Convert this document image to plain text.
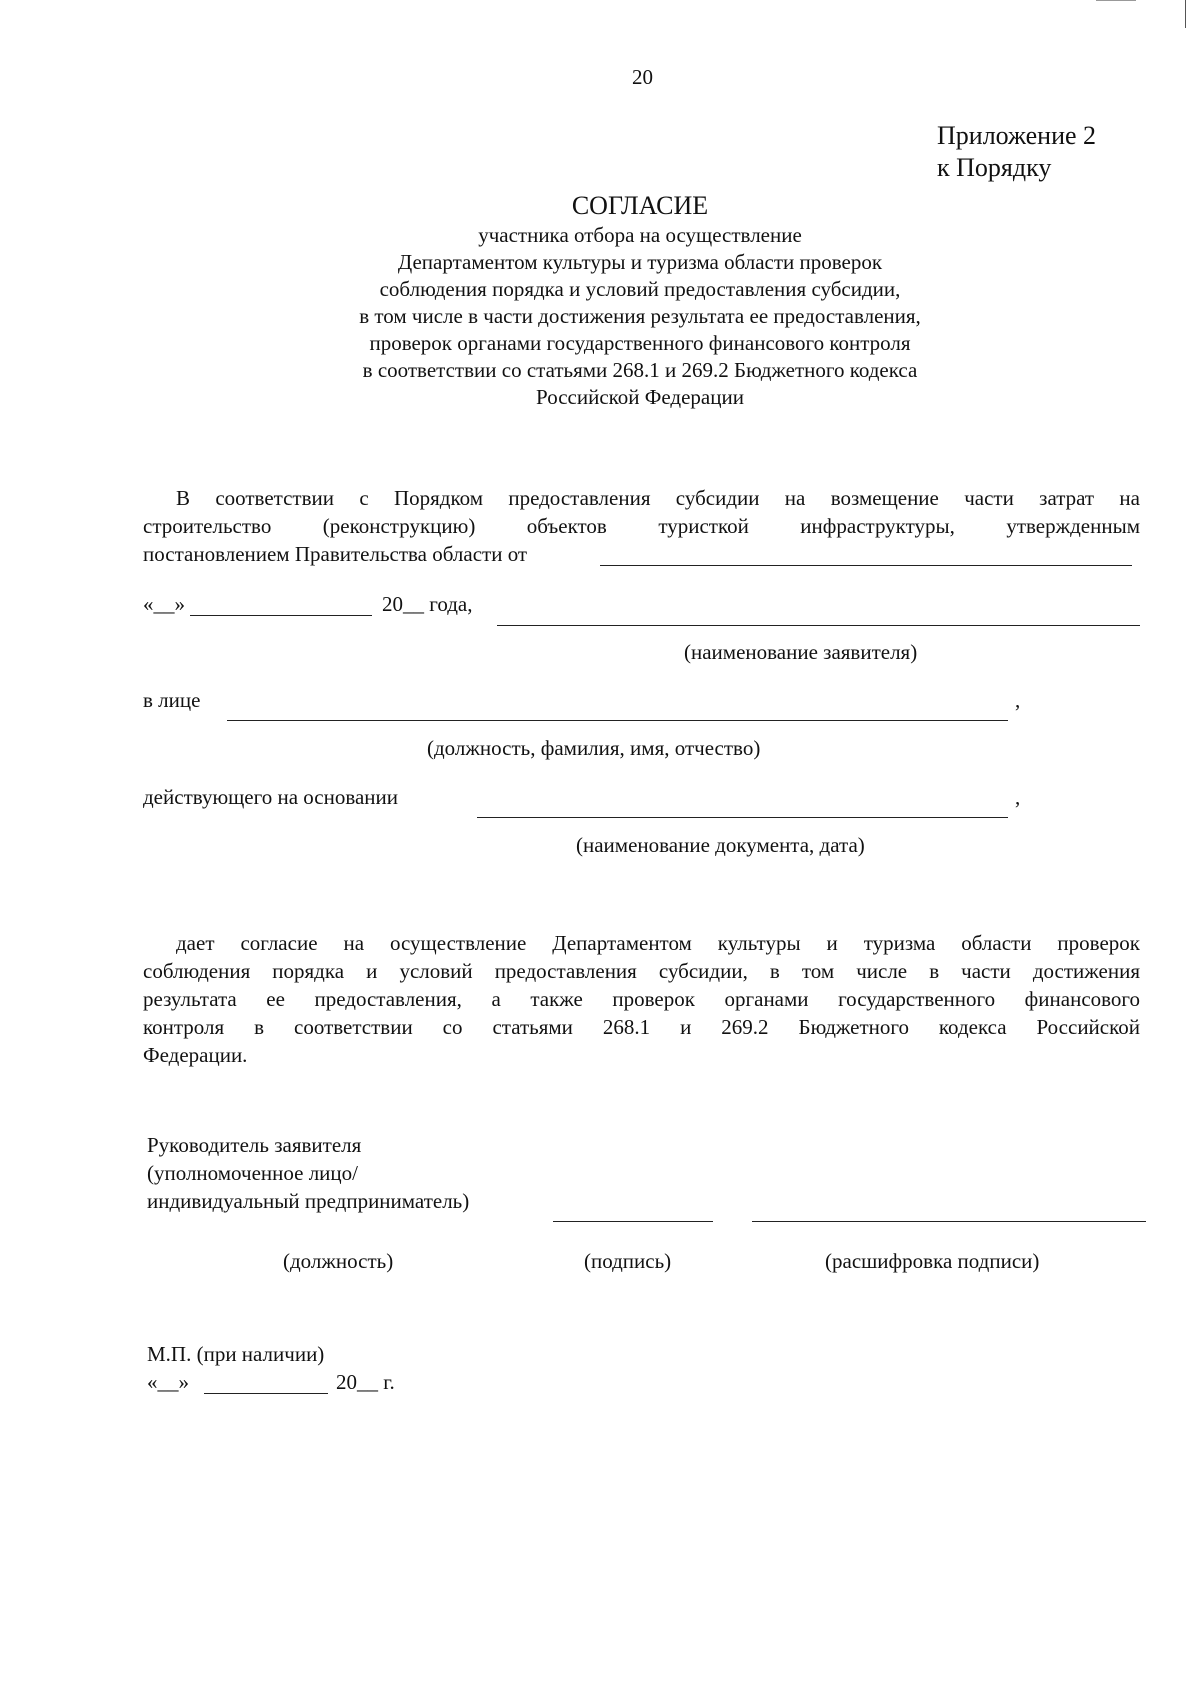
20
Приложение 2
к Порядку
СОГЛАСИЕ
участника отбора на осуществление
Департаментом культуры и туризма области проверок
соблюдения порядка и условий предоставления субсидии,
в том числе в части достижения результата ее предоставления,
проверок органами государственного финансового контроля
в соответствии со статьями 268.1 и 269.2 Бюджетного кодекса
Российской Федерации
В соответствии с Порядком предоставления субсидии на возмещение части затрат на
строительство (реконструкцию) объектов туристкой инфраструктуры, утвержденным
постановлением Правительства области от
«__»	20__ года,
(наименование заявителя)
в лице	,
(должность, фамилия, имя, отчество)
действующего на основании	,
(наименование документа, дата)
дает согласие на осуществление Департаментом культуры и туризма области проверок
соблюдения порядка и условий предоставления субсидии, в том числе в части достижения
результата ее предоставления, а также проверок органами государственного финансового
контроля в соответствии со статьями 268.1 и 269.2 Бюджетного кодекса Российской
Федерации.
Руководитель заявителя
(уполномоченное лицо/
индивидуальный предприниматель)
(должность)	(подпись)	(расшифровка подписи)
М.П. (при наличии)
«__»	20__ г.
